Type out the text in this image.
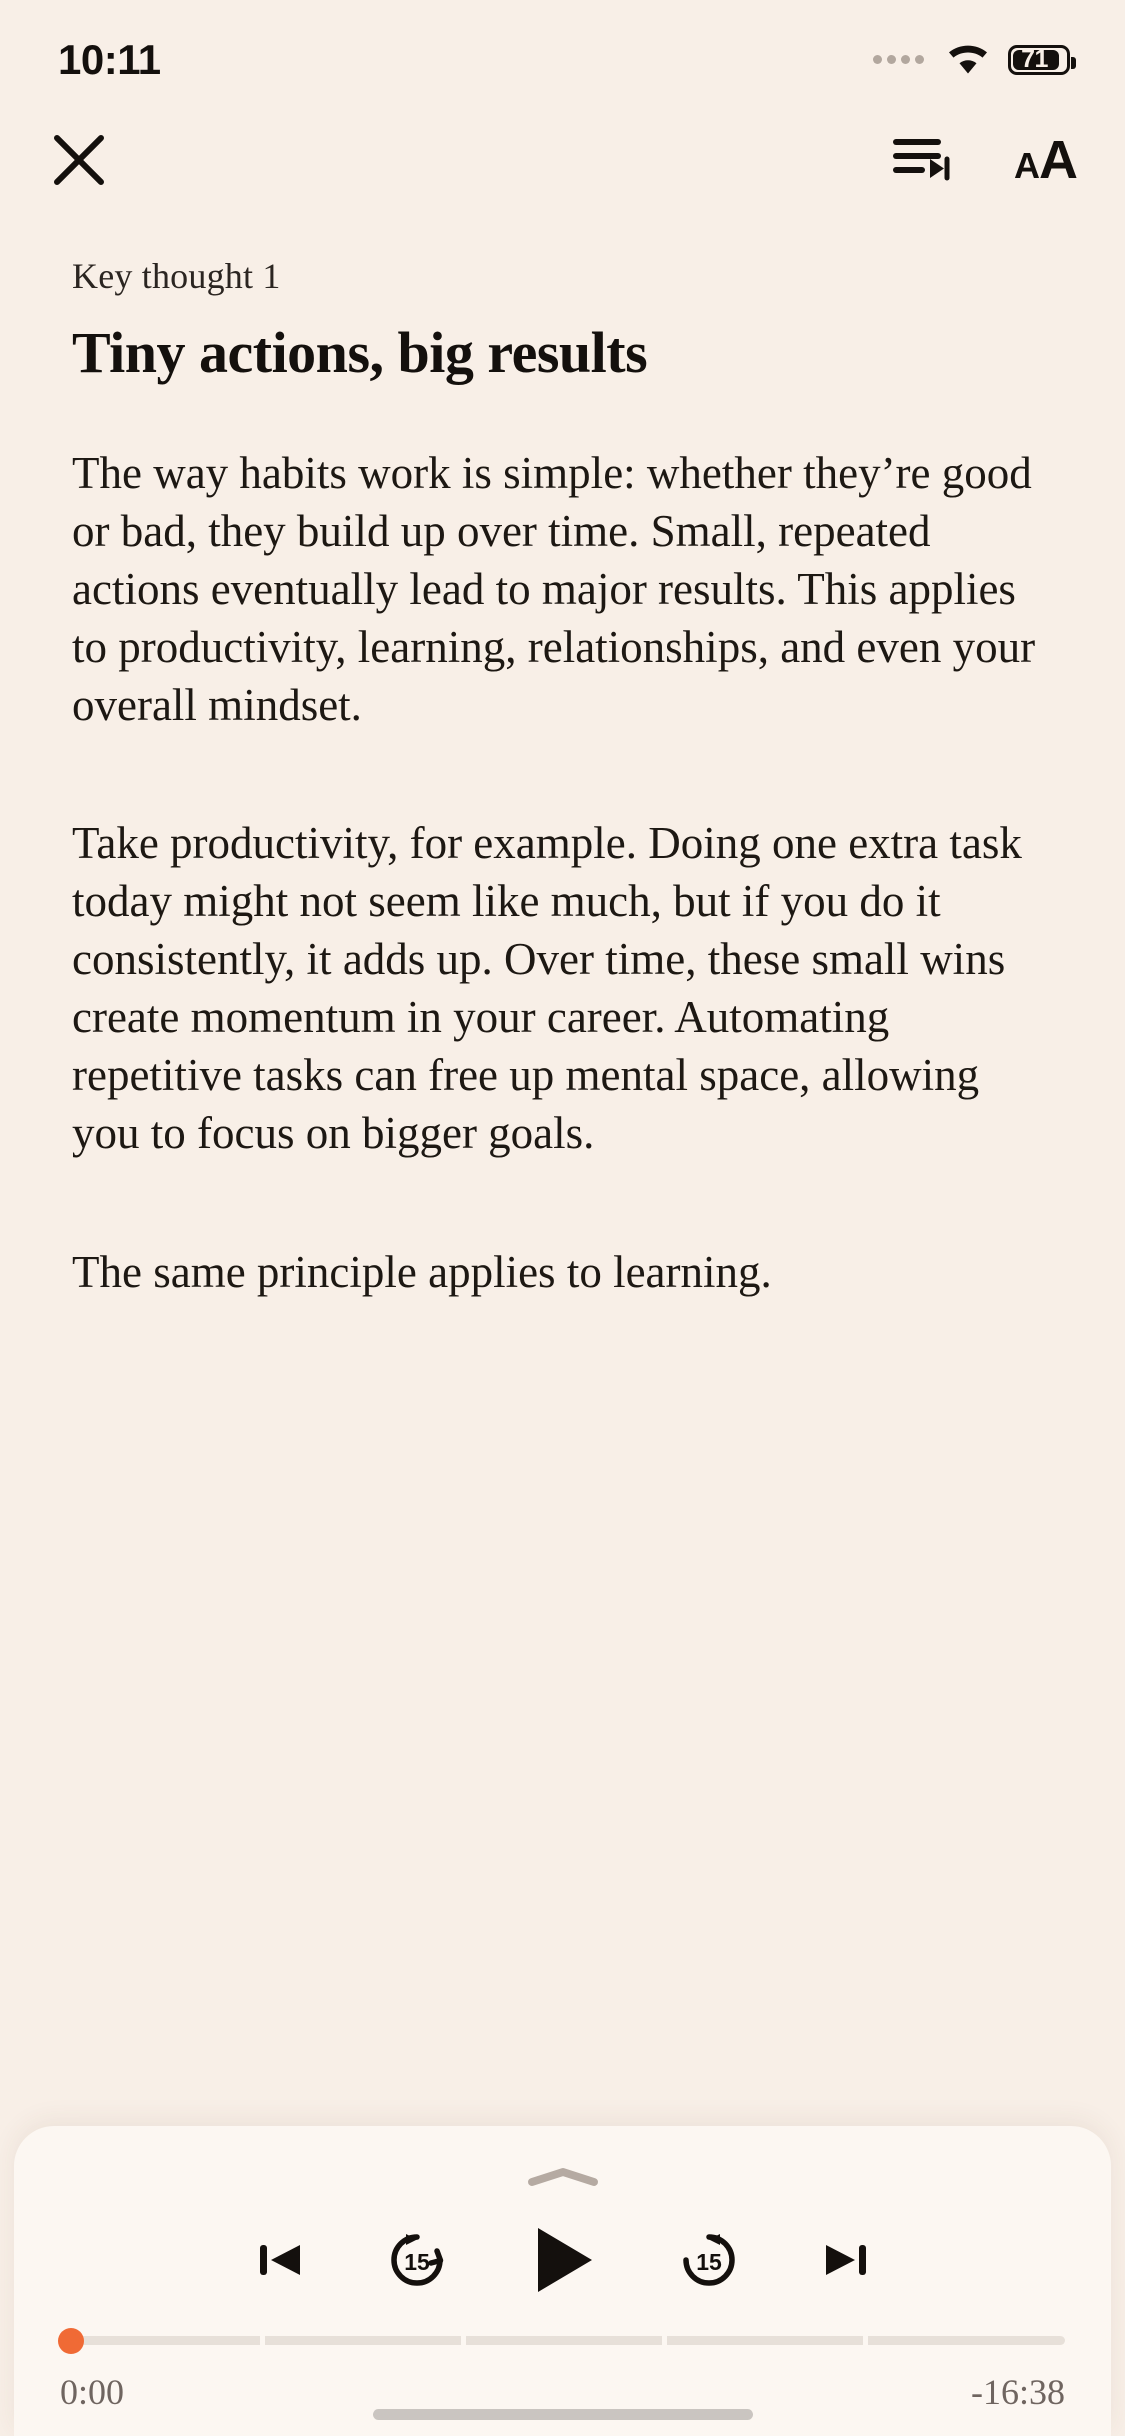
10:11	71
A A
Key thought 1
Tiny actions, big results

The way habits work is simple: whether they’re good or bad, they build up over time. Small, repeated actions eventually lead to major results. This applies to productivity, learning, relationships, and even your overall mindset.

Take productivity, for example. Doing one extra task today might not seem like much, but if you do it consistently, it adds up. Over time, these small wins create momentum in your career. Automating repetitive tasks can free up mental space, allowing you to focus on bigger goals.

The same principle applies to learning.

15	15
0:00	-16:38
